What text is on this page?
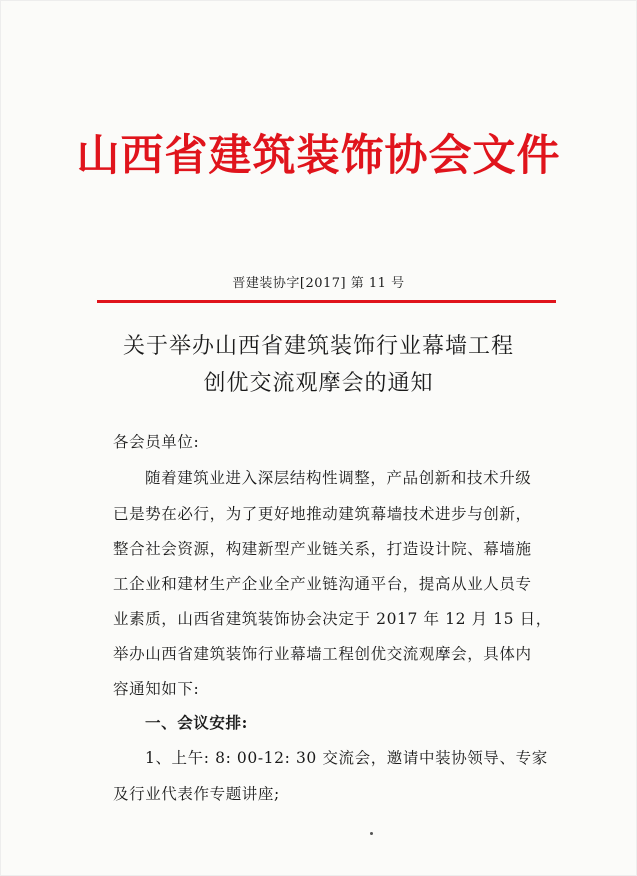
山西省建筑装饰协会文件
晋建装协字[2017] 第 11 号
关于举办山西省建筑装饰行业幕墙工程
创优交流观摩会的通知
各会员单位:
随着建筑业进入深层结构性调整，产品创新和技术升级
已是势在必行，为了更好地推动建筑幕墙技术进步与创新，
整合社会资源，构建新型产业链关系，打造设计院、幕墙施
工企业和建材生产企业全产业链沟通平台，提高从业人员专
业素质，山西省建筑装饰协会决定于 2017 年 12 月 15 日，
举办山西省建筑装饰行业幕墙工程创优交流观摩会，具体内
容通知如下:
一、会议安排:
1、上午: 8: 00-12: 30 交流会，邀请中装协领导、专家
及行业代表作专题讲座;
